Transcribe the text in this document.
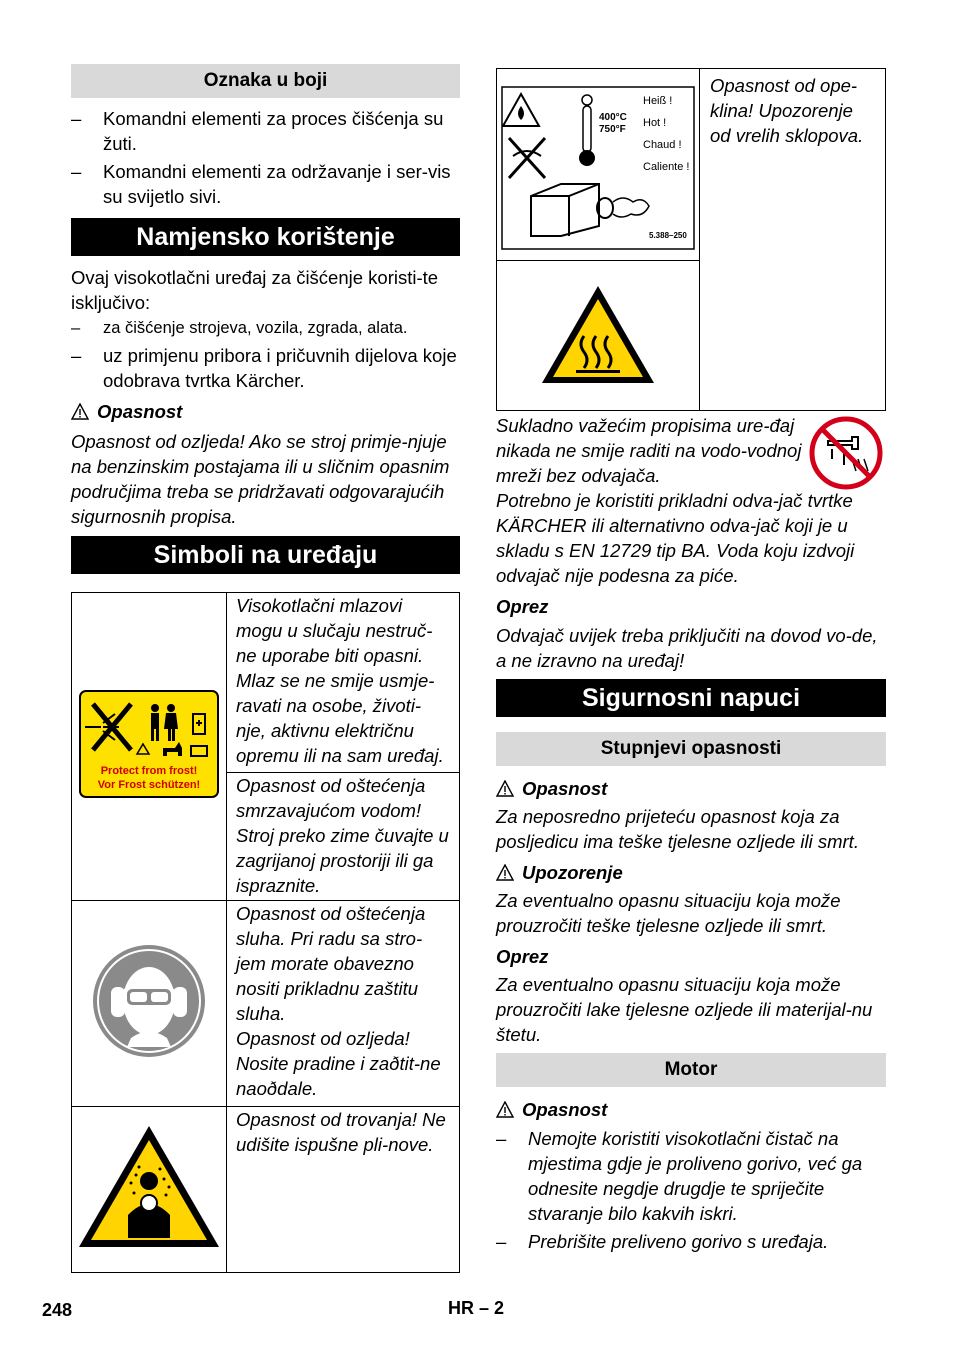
Oznaka u boji
– Komandni elementi za proces čišćenja su žuti.
– Komandni elementi za održavanje i ser-vis su svijetlo sivi.
Namjensko korištenje
Ovaj visokotlačni uređaj za čišćenje koristi-te isključivo:
– za čišćenje strojeva, vozila, zgrada, alata.
– uz primjenu pribora i pričuvnih dijelova koje odobrava tvrtka Kärcher.
Opasnost
Opasnost od ozljeda! Ako se stroj primje-njuje na benzinskim postajama ili u sličnim opasnim područjima treba se pridržavati odgovarajućih sigurnosnih propisa.
Simboli na uređaju
Protect from frost!
Vor Frost schützen!	Visokotlačni mlazovi mogu u slučaju nestruč-ne uporabe biti opasni. Mlaz se ne smije usmje-ravati na osobe, životi-nje, aktivnu električnu opremu ili na sam uređaj.
	Opasnost od oštećenja smrzavajućom vodom! Stroj preko zime čuvajte u zagrijanoj prostoriji ili ga ispraznite.

Opasnost od oštećenja sluha. Pri radu sa stro-jem morate obavezno nositi prikladnu zaštitu sluha.
Opasnost od ozljeda! Nosite pradine i zaðtit-ne naoðdale.

	Opasnost od trovanja! Ne udišite ispušne pli-nove.
400°C
750°F
Heiß !
Hot !
Chaud !
Caliente !
5.388–250
	Opasnost od ope-klina! Upozorenje od vrelih sklopova.

Sukladno važećim propisima ure-đaj nikada ne smije raditi na vodo-vodnoj mreži bez odvajača.
Potrebno je koristiti prikladni odva-jač tvrtke KÄRCHER ili alternativno odva-jač koji je u skladu s EN 12729 tip BA. Voda koju izdvoji odvajač nije podesna za piće.
Oprez
Odvajač uvijek treba priključiti na dovod vo-de, a ne izravno na uređaj!
Sigurnosni napuci
Stupnjevi opasnosti
Opasnost
Za neposredno prijeteću opasnost koja za posljedicu ima teške tjelesne ozljede ili smrt.
Upozorenje
Za eventualno opasnu situaciju koja može prouzročiti teške tjelesne ozljede ili smrt.
Oprez
Za eventualno opasnu situaciju koja može prouzročiti lake tjelesne ozljede ili materijal-nu štetu.
Motor
Opasnost
– Nemojte koristiti visokotlačni čistač na mjestima gdje je proliveno gorivo, već ga odnesite negdje drugdje te spriječite stvaranje bilo kakvih iskri.
– Prebrišite preliveno gorivo s uređaja.
248	HR – 2
